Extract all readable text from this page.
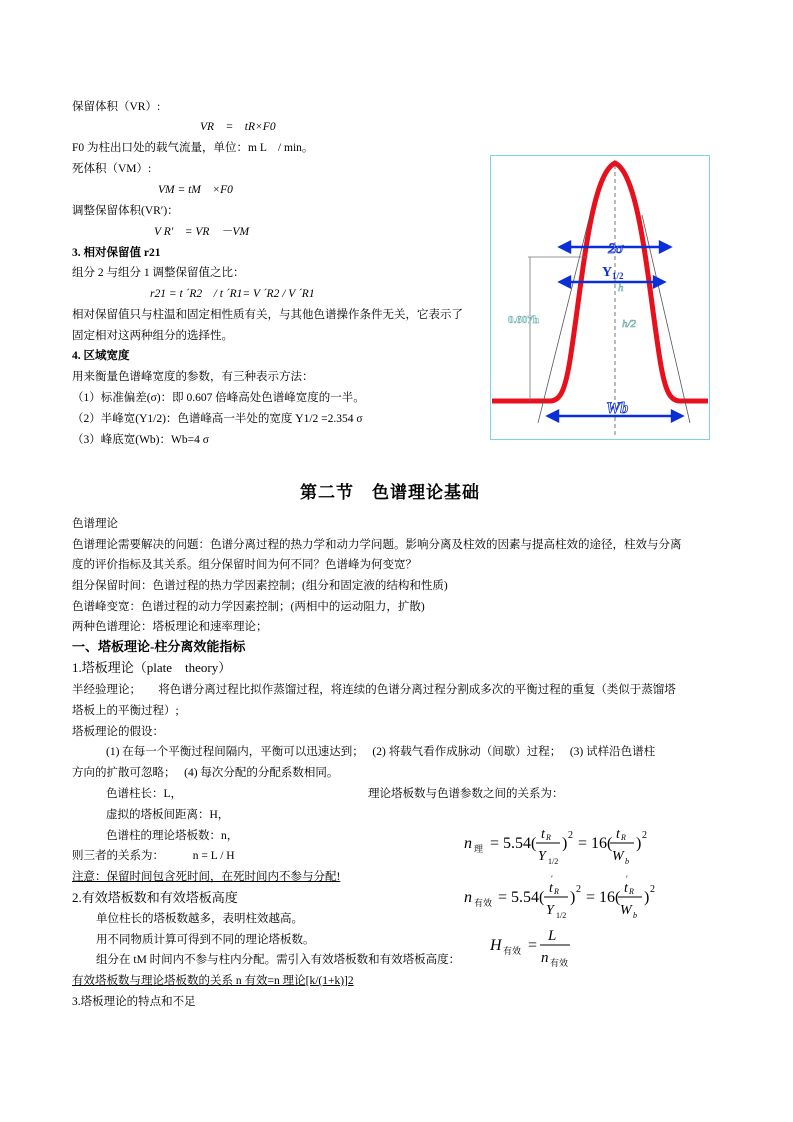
保留体积（VR）:
VR　=　tR×F0
F0 为柱出口处的载气流量，单位：m L　/ min。
死体积（VM）:
VM = tM　×F0
调整保留体积(VR′)：
V R′　= VR　－VM
3. 相对保留值 r21
组分 2 与组分 1 调整保留值之比：
r21 = t ´R2　/ t ´R1= V ´R2 / V ´R1
相对保留值只与柱温和固定相性质有关，与其他色谱操作条件无关，它表示了
固定相对这两种组分的选择性。
4. 区域宽度
用来衡量色谱峰宽度的参数，有三种表示方法：
（1）标准偏差(σ)：即 0.607 倍峰高处色谱峰宽度的一半。
（2）半峰宽(Y1/2)：色谱峰高一半处的宽度 Y1/2 =2.354 σ
（3）峰底宽(Wb)：Wb=4 σ
2σ
Y 1/2
0.607h	h/2
h
Wb
第二节　色谱理论基础
色谱理论
色谱理论需要解决的问题：色谱分离过程的热力学和动力学问题。影响分离及柱效的因素与提高柱效的途径，柱效与分离
度的评价指标及其关系。组分保留时间为何不同？色谱峰为何变宽？
组分保留时间：色谱过程的热力学因素控制；(组分和固定液的结构和性质)
色谱峰变宽：色谱过程的动力学因素控制；(两相中的运动阻力，扩散)
两种色谱理论：塔板理论和速率理论；
一、塔板理论-柱分离效能指标
1.塔板理论（plate　theory）
半经验理论；　　将色谱分离过程比拟作蒸馏过程，将连续的色谱分离过程分割成多次的平衡过程的重复（类似于蒸馏塔
塔板上的平衡过程）;
塔板理论的假设：
(1) 在每一个平衡过程间隔内，平衡可以迅速达到；　 (2) 将载气看作成脉动（间歇）过程；　 (3) 试样沿色谱柱
方向的扩散可忽略；　 (4) 每次分配的分配系数相同。
色谱柱长：L，	理论塔板数与色谱参数之间的关系为：
虚拟的塔板间距离：H，
色谱柱的理论塔板数：n，
则三者的关系为：　　　n = L / H
注意：保留时间包含死时间，在死时间内不参与分配!
2.有效塔板数和有效塔板高度
单位柱长的塔板数越多，表明柱效越高。
用不同物质计算可得到不同的理论塔板数。
组分在 tM 时间内不参与柱内分配。需引入有效塔板数和有效塔板高度：
有效塔板数与理论塔板数的关系 n 有效=n 理论[k/(1+k)]2
3.塔板理论的特点和不足
n 理 = 5.54(
t R
Y 1/2
) 2 = 16(
t R
W b
) 2
n 有效 = 5.54(
t
′
R
Y 1/2
) 2 = 16(
t
′
R
W b
) 2
H 有效 =
L
n 有效
